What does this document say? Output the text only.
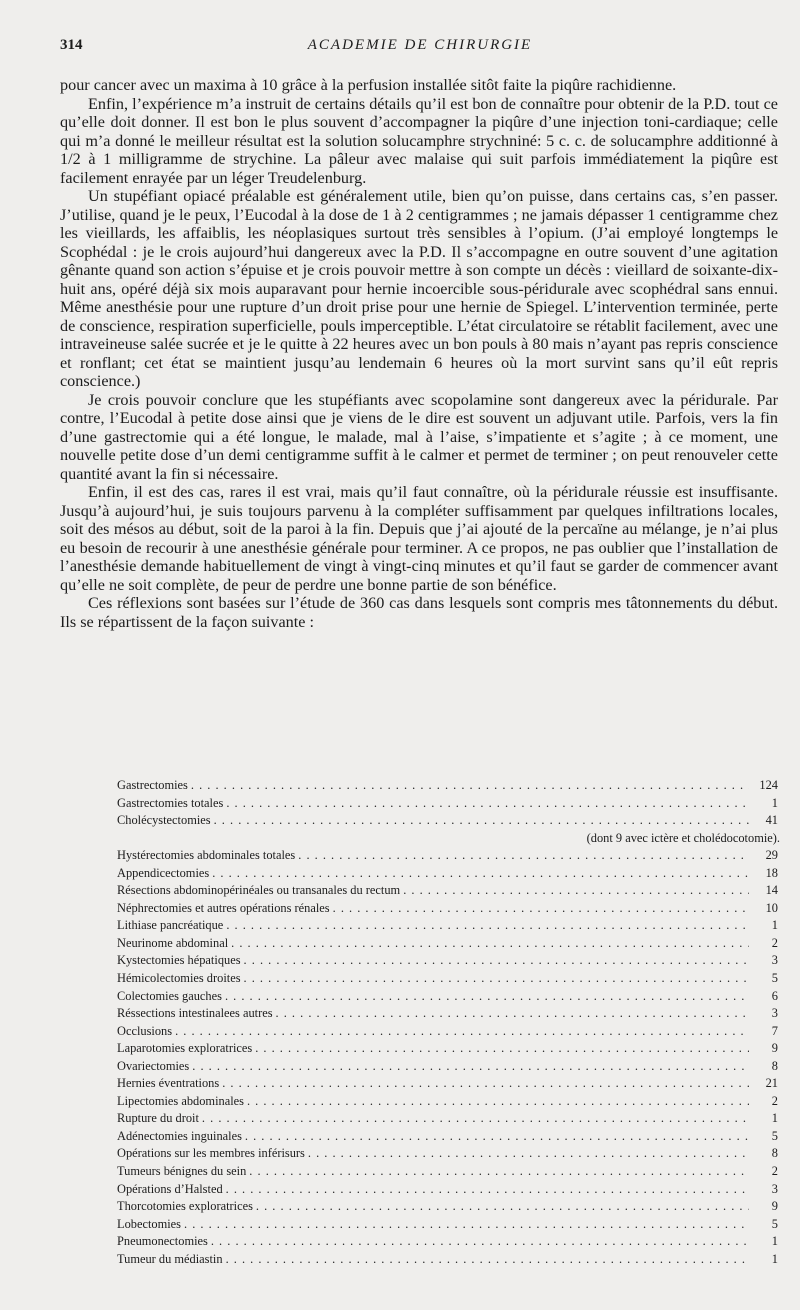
314	ACADEMIE DE CHIRURGIE

pour cancer avec un maxima à 10 grâce à la perfusion installée sitôt faite la piqûre rachidienne.

Enfin, l’expérience m’a instruit de certains détails qu’il est bon de connaître pour obtenir de la P.D. tout ce qu’elle doit donner. Il est bon le plus souvent d’accompagner la piqûre d’une injection toni-cardiaque; celle qui m’a donné le meilleur résultat est la solution solucamphre strychniné: 5 c. c. de solucamphre additionné à 1/2 à 1 milligramme de strychine. La pâleur avec malaise qui suit parfois immédiatement la piqûre est facilement enrayée par un léger Treudelenburg.

Un stupéfiant opiacé préalable est généralement utile, bien qu’on puisse, dans certains cas, s’en passer. J’utilise, quand je le peux, l’Eucodal à la dose de 1 à 2 centigrammes ; ne jamais dépasser 1 centigramme chez les vieillards, les affaiblis, les néoplasiques surtout très sensibles à l’opium. (J’ai employé longtemps le Scophédal : je le crois aujourd’hui dangereux avec la P.D. Il s’accompagne en outre souvent d’une agitation gênante quand son action s’épuise et je crois pouvoir mettre à son compte un décès : vieillard de soixante-dix-huit ans, opéré déjà six mois auparavant pour hernie incoercible sous-péridurale avec scophédral sans ennui. Même anesthésie pour une rupture d’un droit prise pour une hernie de Spiegel. L’intervention terminée, perte de conscience, respiration superficielle, pouls imperceptible. L’état circulatoire se rétablit facilement, avec une intraveineuse salée sucrée et je le quitte à 22 heures avec un bon pouls à 80 mais n’ayant pas repris conscience et ronflant; cet état se maintient jusqu’au lendemain 6 heures où la mort survint sans qu’il eût repris conscience.)

Je crois pouvoir conclure que les stupéfiants avec scopolamine sont dangereux avec la péridurale. Par contre, l’Eucodal à petite dose ainsi que je viens de le dire est souvent un adjuvant utile. Parfois, vers la fin d’une gastrectomie qui a été longue, le malade, mal à l’aise, s’impatiente et s’agite ; à ce moment, une nouvelle petite dose d’un demi centigramme suffit à le calmer et permet de terminer ; on peut renouveler cette quantité avant la fin si nécessaire.

Enfin, il est des cas, rares il est vrai, mais qu’il faut connaître, où la péridurale réussie est insuffisante. Jusqu’à aujourd’hui, je suis toujours parvenu à la compléter suffisamment par quelques infiltrations locales, soit des mésos au début, soit de la paroi à la fin. Depuis que j’ai ajouté de la percaïne au mélange, je n’ai plus eu besoin de recourir à une anesthésie générale pour terminer. A ce propos, ne pas oublier que l’installation de l’anesthésie demande habituellement de vingt à vingt-cinq minutes et qu’il faut se garder de commencer avant qu’elle ne soit complète, de peur de perdre une bonne partie de son bénéfice.

Ces réflexions sont basées sur l’étude de 360 cas dans lesquels sont compris mes tâtonnements du début. Ils se répartissent de la façon suivante :

Gastrectomies . . .	124
Gastrectomies totales . . .	1
Cholécystectomies . . .	41
(dont 9 avec ictère et cholédocotomie).
Hystérectomies abdominales totales . . .	29
Appendicectomies . . .	18
Résections abdominopérinéales ou transanales du rectum . . .	14
Néphrectomies et autres opérations rénales . . .	10
Lithiase pancréatique . . .	1
Neurinome abdominal . . .	2
Kystectomies hépatiques . . .	3
Hémicolectomies droites . . .	5
Colectomies gauches . . .	6
Réssections intestinalees autres . . .	3
Occlusions . . .	7
Laparotomies exploratrices . . .	9
Ovariectomies . . .	8
Hernies éventrations . . .	21
Lipectomies abdominales . . .	2
Rupture du droit . . .	1
Adénectomies inguinales . . .	5
Opérations sur les membres inférisurs . . .	8
Tumeurs bénignes du sein . . .	2
Opérations d’Halsted . . .	3
Thorcotomies exploratrices . . .	9
Lobectomies . . .	5
Pneumonectomies . . .	1
Tumeur du médiastin . . .	1
